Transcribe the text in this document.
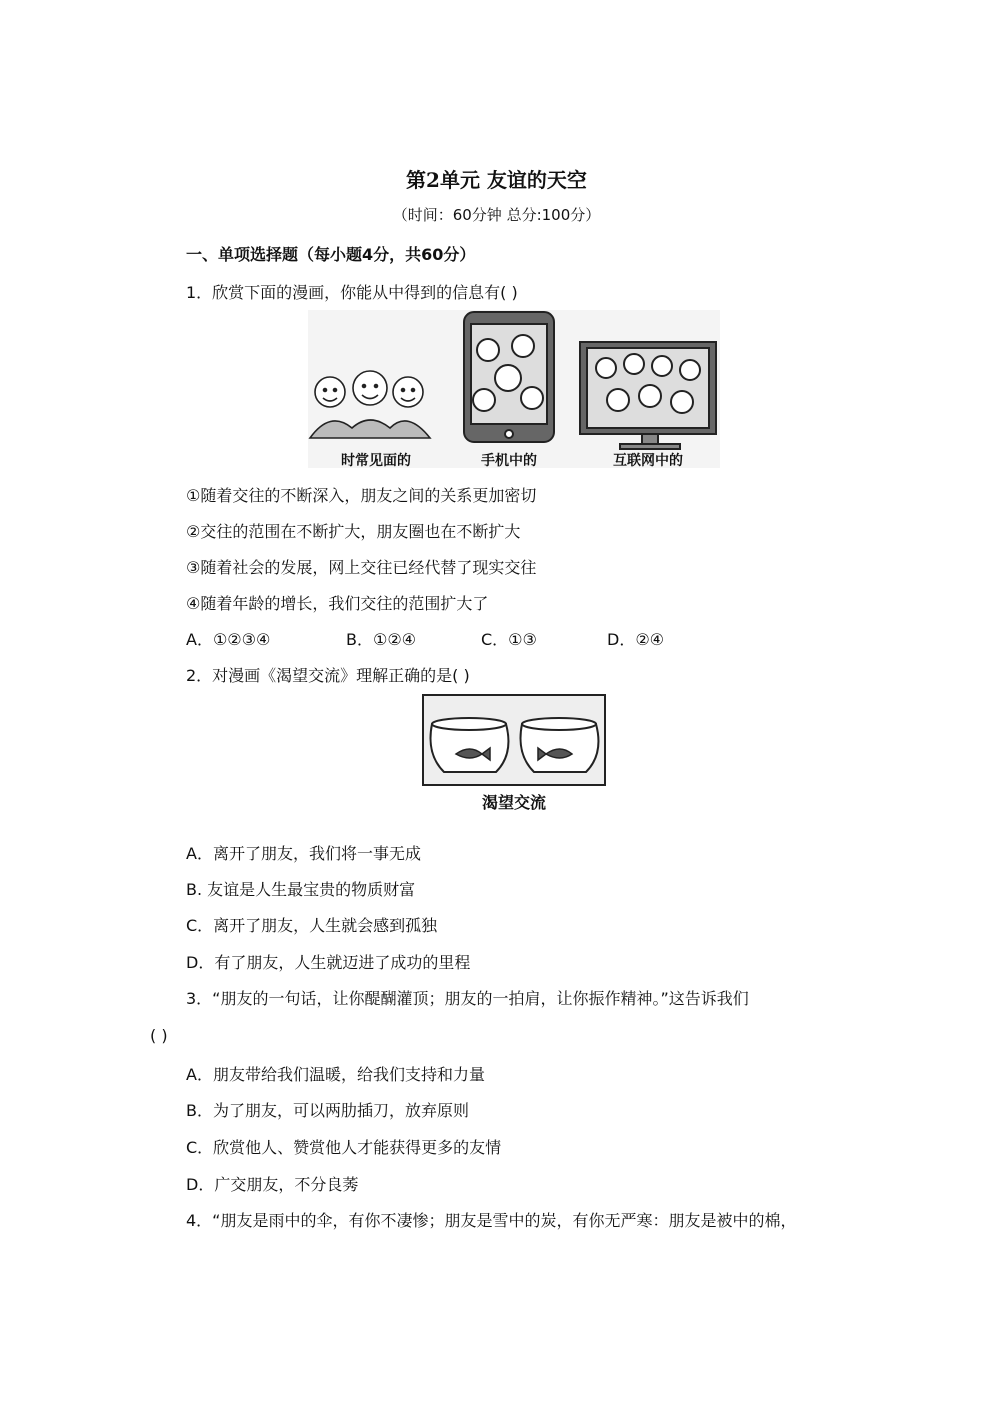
第2单元 友谊的天空
（时间：60分钟 总分:100分）
一、单项选择题（每小题4分，共60分）
1．欣赏下面的漫画，你能从中得到的信息有( )
时常见面的	手机中的	互联网中的
①随着交往的不断深入，朋友之间的关系更加密切
②交往的范围在不断扩大，朋友圈也在不断扩大
③随着社会的发展，网上交往已经代替了现实交往
④随着年龄的增长，我们交往的范围扩大了
A．①②③④	B．①②④	C．①③	D．②④
2．对漫画《渴望交流》理解正确的是( )
渴望交流
A．离开了朋友，我们将一事无成
B. 友谊是人生最宝贵的物质财富
C．离开了朋友，人生就会感到孤独
D．有了朋友，人生就迈进了成功的里程
3．“朋友的一句话，让你醍醐灌顶；朋友的一拍肩，让你振作精神。”这告诉我们
( )
A．朋友带给我们温暖，给我们支持和力量
B．为了朋友，可以两肋插刀，放弃原则
C．欣赏他人、赞赏他人才能获得更多的友情
D．广交朋友，不分良莠
4．“朋友是雨中的伞，有你不凄惨；朋友是雪中的炭，有你无严寒：朋友是被中的棉，
